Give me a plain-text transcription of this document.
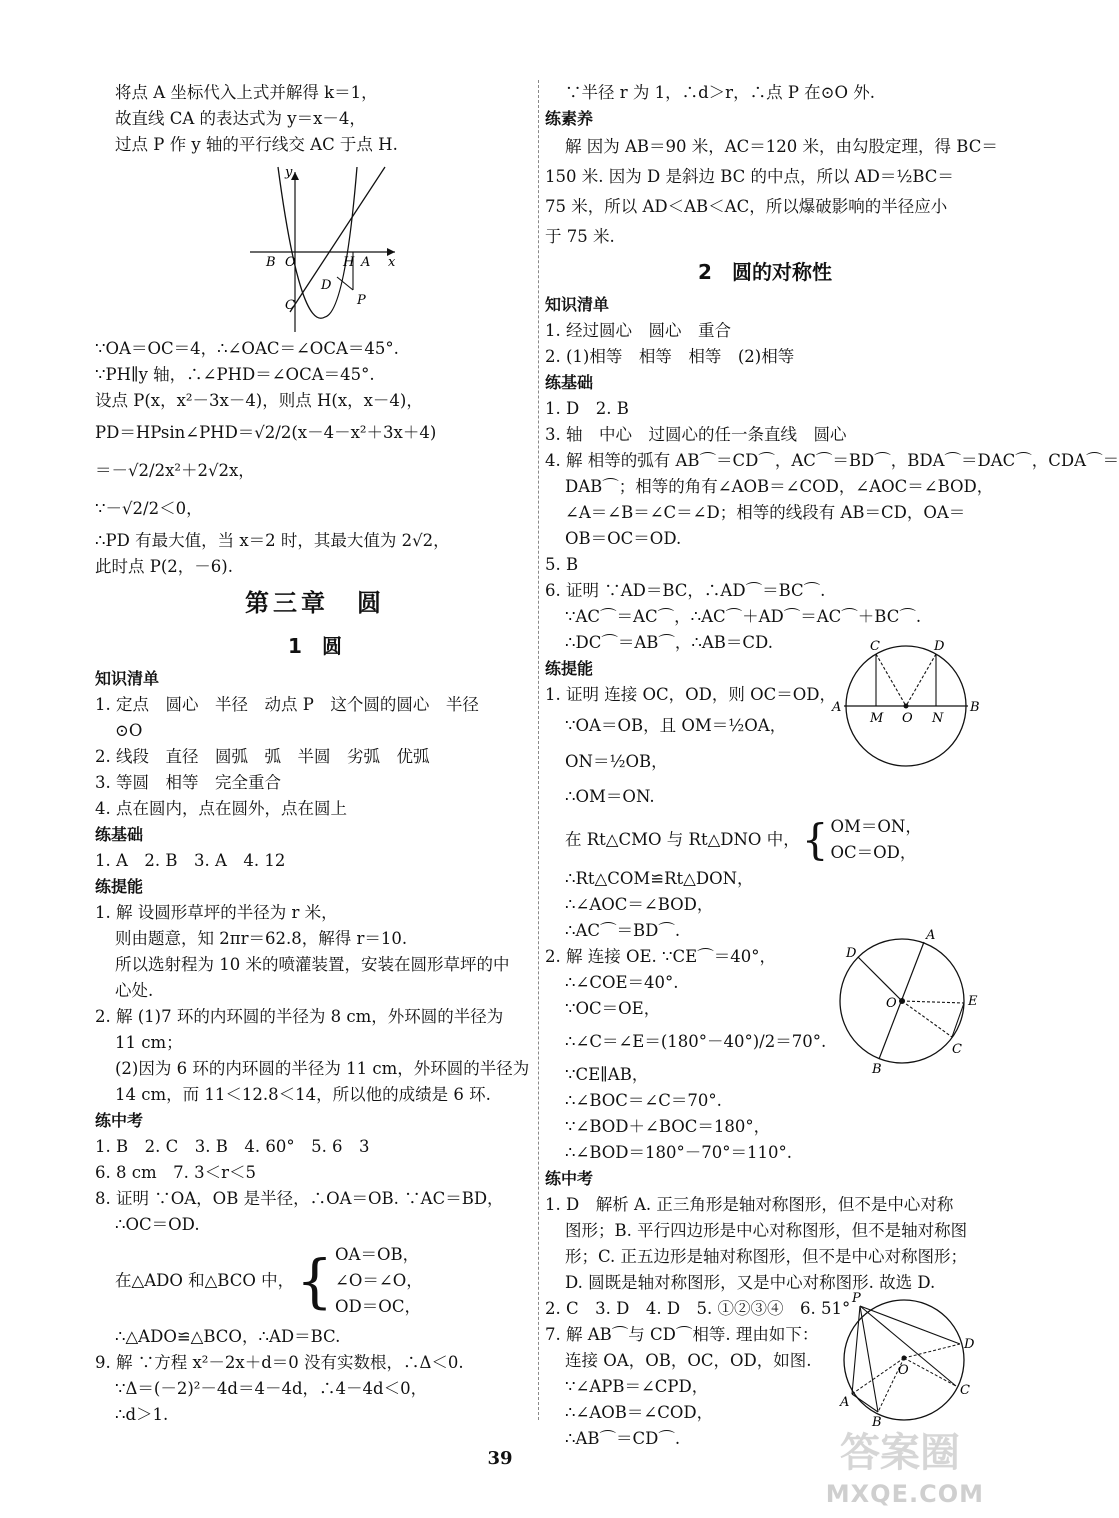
将点 A 坐标代入上式并解得 k＝1，

故直线 CA 的表达式为 y＝x－4，

过点 P 作 y 轴的平行线交 AC 于点 H.

y
x
B O	H A
D
P
C

∵OA＝OC＝4，∴∠OAC＝∠OCA＝45°.

∵PH∥y 轴，∴∠PHD＝∠OCA＝45°.

设点 P(x，x²－3x－4)，则点 H(x，x－4)，

PD＝HPsin∠PHD＝√2/2(x－4－x²＋3x＋4)

＝－√2/2x²＋2√2x，

∵－√2/2＜0，

∴PD 有最大值，当 x＝2 时，其最大值为 2√2，

此时点 P(2，－6).

第三章　圆
1　圆

知识清单

1. 定点　圆心　半径　动点 P　这个圆的圆心　半径

⊙O

2. 线段　直径　圆弧　弧　半圆　劣弧　优弧

3. 等圆　相等　完全重合

4. 点在圆内，点在圆外，点在圆上

练基础

1. A　2. B　3. A　4. 12

练提能

1. 解 设圆形草坪的半径为 r 米，

则由题意，知 2πr＝62.8，解得 r＝10.

所以选射程为 10 米的喷灌装置，安装在圆形草坪的中

心处.

2. 解 (1)7 环的内环圆的半径为 8 cm，外环圆的半径为

11 cm；

(2)因为 6 环的内环圆的半径为 11 cm，外环圆的半径为

14 cm，而 11＜12.8＜14，所以他的成绩是 6 环.

练中考

1. B　2. C　3. B　4. 60°　5. 6　3

6. 8 cm　7. 3＜r＜5

8. 证明 ∵OA，OB 是半径，∴OA＝OB. ∵AC＝BD，

∴OC＝OD.

在△ADO 和△BCO 中， { OA＝OB，
∠O＝∠O，
OD＝OC，

∴△ADO≌△BCO，∴AD＝BC.

9. 解 ∵方程 x²－2x＋d＝0 没有实数根，∴Δ＜0.

∵Δ＝(－2)²－4d＝4－4d，∴4－4d＜0，

∴d＞1.

∵半径 r 为 1，∴d＞r，∴点 P 在⊙O 外.

练素养

解 因为 AB＝90 米，AC＝120 米，由勾股定理，得 BC＝

150 米. 因为 D 是斜边 BC 的中点，所以 AD＝½BC＝

75 米，所以 AD＜AB＜AC，所以爆破影响的半径应小

于 75 米.

2　圆的对称性

知识清单

1. 经过圆心　圆心　重合

2. (1)相等　相等　相等　(2)相等

练基础

1. D　2. B

3. 轴　中心　过圆心的任一条直线　圆心

4. 解 相等的弧有 AB⌒＝CD⌒，AC⌒＝BD⌒，BDA⌒＝DAC⌒，CDA⌒＝

DAB⌒；相等的角有∠AOB＝∠COD，∠AOC＝∠BOD，

∠A＝∠B＝∠C＝∠D；相等的线段有 AB＝CD，OA＝

OB＝OC＝OD.

5. B

6. 证明 ∵AD＝BC，∴AD⌒＝BC⌒.

∵AC⌒＝AC⌒，∴AC⌒＋AD⌒＝AC⌒＋BC⌒.

∴DC⌒＝AB⌒，∴AB＝CD.

练提能

1. 证明 连接 OC，OD，则 OC＝OD，

∵OA＝OB，且 OM＝½OA，

ON＝½OB，

∴OM＝ON.

在 Rt△CMO 与 Rt△DNO 中， { OM＝ON，
OC＝OD，

∴Rt△COM≌Rt△DON，

∴∠AOC＝∠BOD，

∴AC⌒＝BD⌒.

2. 解 连接 OE. ∵CE⌒＝40°，

∴∠COE＝40°.

∵OC＝OE，

∴∠C＝∠E＝(180°－40°)/2＝70°.

∵CE∥AB，

∴∠BOC＝∠C＝70°.

∵∠BOD＋∠BOC＝180°，

∴∠BOD＝180°－70°＝110°.

练中考

1. D　解析 A. 正三角形是轴对称图形，但不是中心对称

图形；B. 平行四边形是中心对称图形，但不是轴对称图

形；C. 正五边形是轴对称图形，但不是中心对称图形；

D. 圆既是轴对称图形，又是中心对称图形. 故选 D.

2. C　3. D　4. D　5. ①②③④　6. 51°

7. 解 AB⌒与 CD⌒相等. 理由如下：

连接 OA，OB，OC，OD，如图.

∵∠APB＝∠CPD，

∴∠AOB＝∠COD，

∴AB⌒＝CD⌒.

C	D
A
M O N
B
A
D
O	E
C
B
P
D
O
C
A
B
39	答案圈
MXQE.COM
